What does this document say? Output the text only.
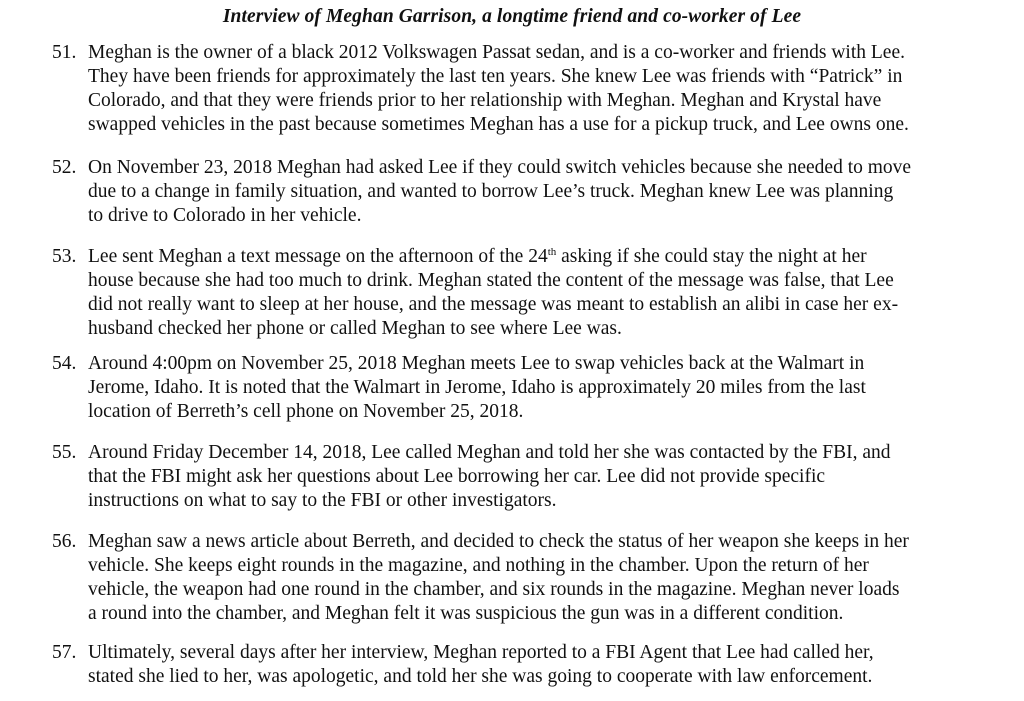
Interview of Meghan Garrison, a longtime friend and co-worker of Lee
51. Meghan is the owner of a black 2012 Volkswagen Passat sedan, and is a co-worker and friends with Lee.
They have been friends for approximately the last ten years. She knew Lee was friends with “Patrick” in
Colorado, and that they were friends prior to her relationship with Meghan. Meghan and Krystal have
swapped vehicles in the past because sometimes Meghan has a use for a pickup truck, and Lee owns one.
52. On November 23, 2018 Meghan had asked Lee if they could switch vehicles because she needed to move
due to a change in family situation, and wanted to borrow Lee’s truck. Meghan knew Lee was planning
to drive to Colorado in her vehicle.
53. Lee sent Meghan a text message on the afternoon of the 24th asking if she could stay the night at her
house because she had too much to drink. Meghan stated the content of the message was false, that Lee
did not really want to sleep at her house, and the message was meant to establish an alibi in case her ex-
husband checked her phone or called Meghan to see where Lee was.
54. Around 4:00pm on November 25, 2018 Meghan meets Lee to swap vehicles back at the Walmart in
Jerome, Idaho. It is noted that the Walmart in Jerome, Idaho is approximately 20 miles from the last
location of Berreth’s cell phone on November 25, 2018.
55. Around Friday December 14, 2018, Lee called Meghan and told her she was contacted by the FBI, and
that the FBI might ask her questions about Lee borrowing her car. Lee did not provide specific
instructions on what to say to the FBI or other investigators.
56. Meghan saw a news article about Berreth, and decided to check the status of her weapon she keeps in her
vehicle. She keeps eight rounds in the magazine, and nothing in the chamber. Upon the return of her
vehicle, the weapon had one round in the chamber, and six rounds in the magazine. Meghan never loads
a round into the chamber, and Meghan felt it was suspicious the gun was in a different condition.
57. Ultimately, several days after her interview, Meghan reported to a FBI Agent that Lee had called her,
stated she lied to her, was apologetic, and told her she was going to cooperate with law enforcement.
